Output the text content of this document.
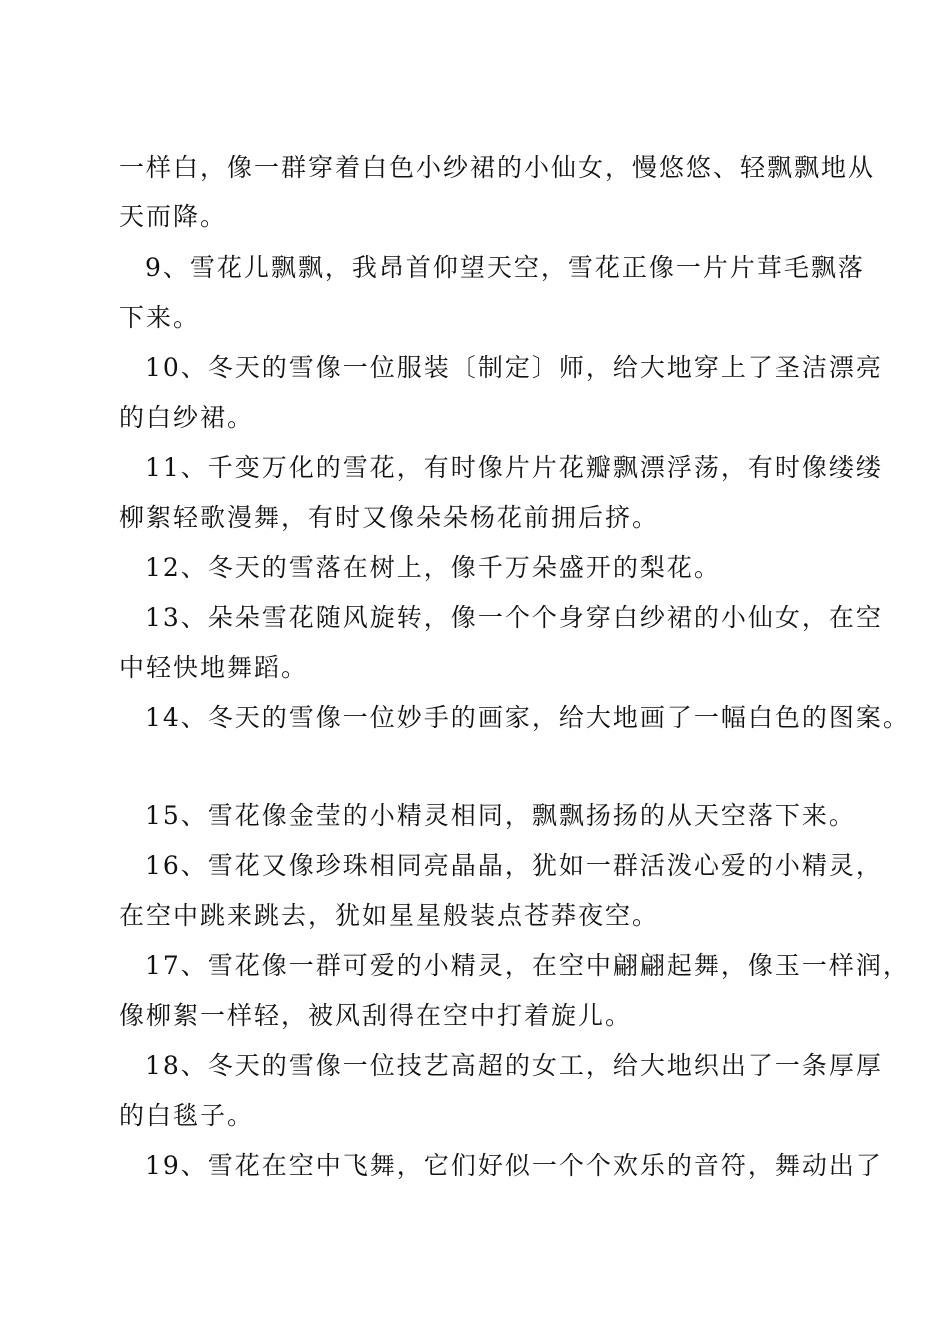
一样白，像一群穿着白色小纱裙的小仙女，慢悠悠、轻飘飘地从
天而降。
9、雪花儿飘飘，我昂首仰望天空，雪花正像一片片茸毛飘落
下来。
10、冬天的雪像一位服装〔制定〕师，给大地穿上了圣洁漂亮
的白纱裙。
11、千变万化的雪花，有时像片片花瓣飘漂浮荡，有时像缕缕
柳絮轻歌漫舞，有时又像朵朵杨花前拥后挤。
12、冬天的雪落在树上，像千万朵盛开的梨花。
13、朵朵雪花随风旋转，像一个个身穿白纱裙的小仙女，在空
中轻快地舞蹈。
14、冬天的雪像一位妙手的画家，给大地画了一幅白色的图案。
15、雪花像金莹的小精灵相同，飘飘扬扬的从天空落下来。
16、雪花又像珍珠相同亮晶晶，犹如一群活泼心爱的小精灵，
在空中跳来跳去，犹如星星般装点苍莽夜空。
17、雪花像一群可爱的小精灵，在空中翩翩起舞，像玉一样润，
像柳絮一样轻，被风刮得在空中打着旋儿。
18、冬天的雪像一位技艺高超的女工，给大地织出了一条厚厚
的白毯子。
19、雪花在空中飞舞，它们好似一个个欢乐的音符，舞动出了
